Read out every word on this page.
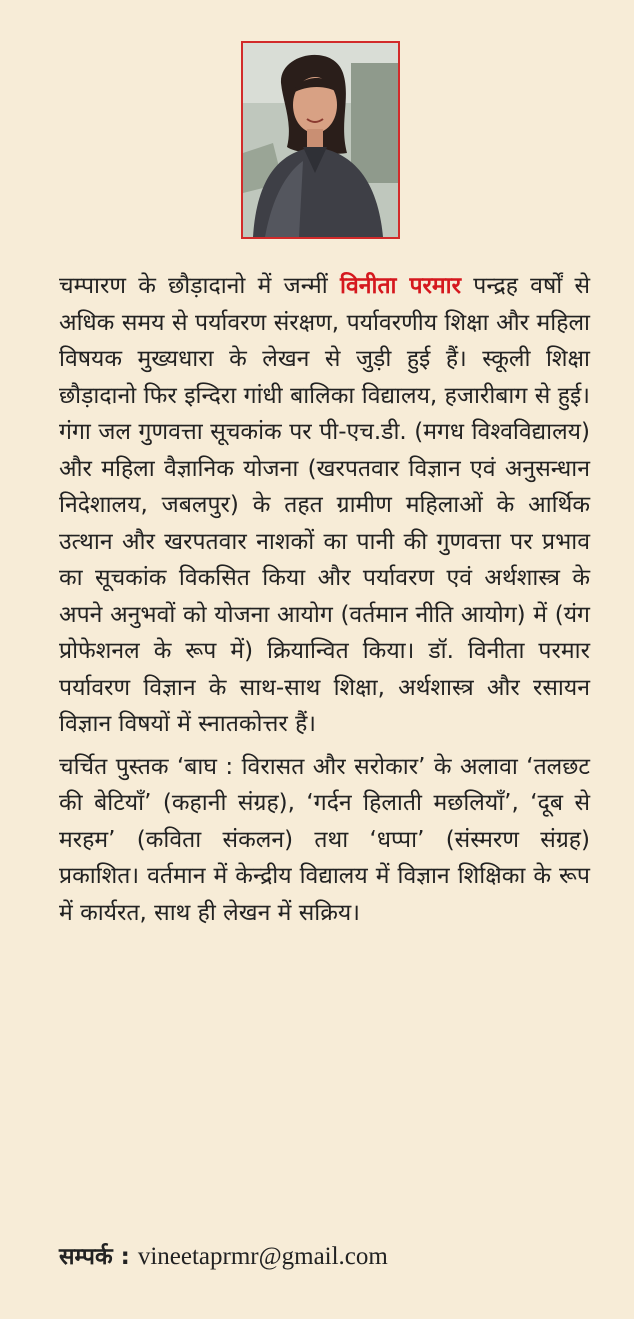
चम्पारण के छौड़ादानो में जन्मीं विनीता परमार पन्द्रह वर्षों से अधिक समय से पर्यावरण संरक्षण, पर्यावरणीय शिक्षा और महिला विषयक मुख्यधारा के लेखन से जुड़ी हुई हैं। स्कूली शिक्षा छौड़ादानो फिर इन्दिरा गांधी बालिका विद्यालय, हजारीबाग से हुई। गंगा जल गुणवत्ता सूचकांक पर पी-एच.डी. (मगध विश्वविद्यालय) और महिला वैज्ञानिक योजना (खरपतवार विज्ञान एवं अनुसन्धान निदेशालय, जबलपुर) के तहत ग्रामीण महिलाओं के आर्थिक उत्थान और खरपतवार नाशकों का पानी की गुणवत्ता पर प्रभाव का सूचकांक विकसित किया और पर्यावरण एवं अर्थशास्त्र के अपने अनुभवों को योजना आयोग (वर्तमान नीति आयोग) में (यंग प्रोफेशनल के रूप में) क्रियान्वित किया। डॉ. विनीता परमार पर्यावरण विज्ञान के साथ-साथ शिक्षा, अर्थशास्त्र और रसायन विज्ञान विषयों में स्नातकोत्तर हैं।

चर्चित पुस्तक ‘बाघ : विरासत और सरोकार’ के अलावा ‘तलछट की बेटियाँ’ (कहानी संग्रह), ‘गर्दन हिलाती मछलियाँ’, ‘दूब से मरहम’ (कविता संकलन) तथा ‘धप्पा’ (संस्मरण संग्रह) प्रकाशित। वर्तमान में केन्द्रीय विद्यालय में विज्ञान शिक्षिका के रूप में कार्यरत, साथ ही लेखन में सक्रिय।

सम्पर्क : vineetaprmr@gmail.com
